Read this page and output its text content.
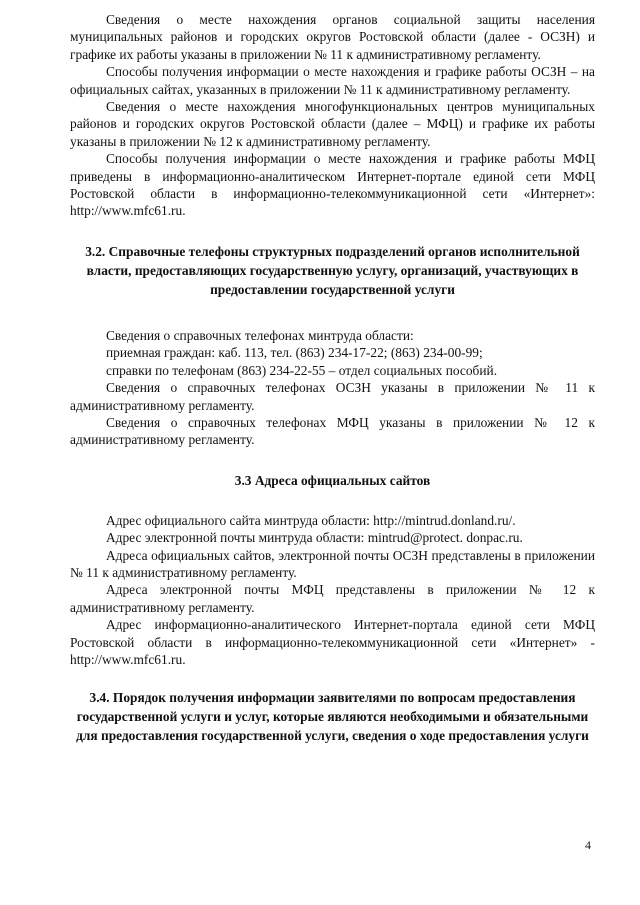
Сведения о месте нахождения органов социальной защиты населения муниципальных районов и городских округов Ростовской области (далее - ОСЗН) и графике их работы указаны в приложении № 11 к административному регламенту.

Способы получения информации о месте нахождения и графике работы ОСЗН – на официальных сайтах, указанных в приложении № 11 к административному регламенту.

Сведения о месте нахождения многофункциональных центров муниципальных районов и городских округов Ростовской области (далее – МФЦ) и графике их работы указаны в приложении № 12 к административному регламенту.

Способы получения информации о месте нахождения и графике работы МФЦ приведены в информационно-аналитическом Интернет-портале единой сети МФЦ Ростовской области в информационно-телекоммуникационной сети «Интернет»: http://www.mfc61.ru.

3.2. Справочные телефоны структурных подразделений органов исполнительной власти, предоставляющих государственную услугу, организаций, участвующих в предоставлении государственной услуги

Сведения о справочных телефонах минтруда области:

приемная граждан: каб. 113, тел. (863) 234-17-22; (863) 234-00-99;

справки по телефонам (863) 234-22-55 – отдел социальных пособий.

Сведения о справочных телефонах ОСЗН указаны в приложении № 11 к административному регламенту.

Сведения о справочных телефонах МФЦ указаны в приложении № 12 к административному регламенту.

3.3 Адреса официальных сайтов

Адрес официального сайта минтруда области: http://mintrud.donland.ru/.

Адрес электронной почты минтруда области: mintrud@protect. donpac.ru.

Адреса официальных сайтов, электронной почты ОСЗН представлены в приложении № 11 к административному регламенту.

Адреса электронной почты МФЦ представлены в приложении № 12 к административному регламенту.

Адрес информационно-аналитического Интернет-портала единой сети МФЦ Ростовской области в информационно-телекоммуникационной сети «Интернет» - http://www.mfc61.ru.

3.4. Порядок получения информации заявителями по вопросам предоставления государственной услуги и услуг, которые являются необходимыми и обязательными для предоставления государственной услуги, сведения о ходе предоставления услуги
4
